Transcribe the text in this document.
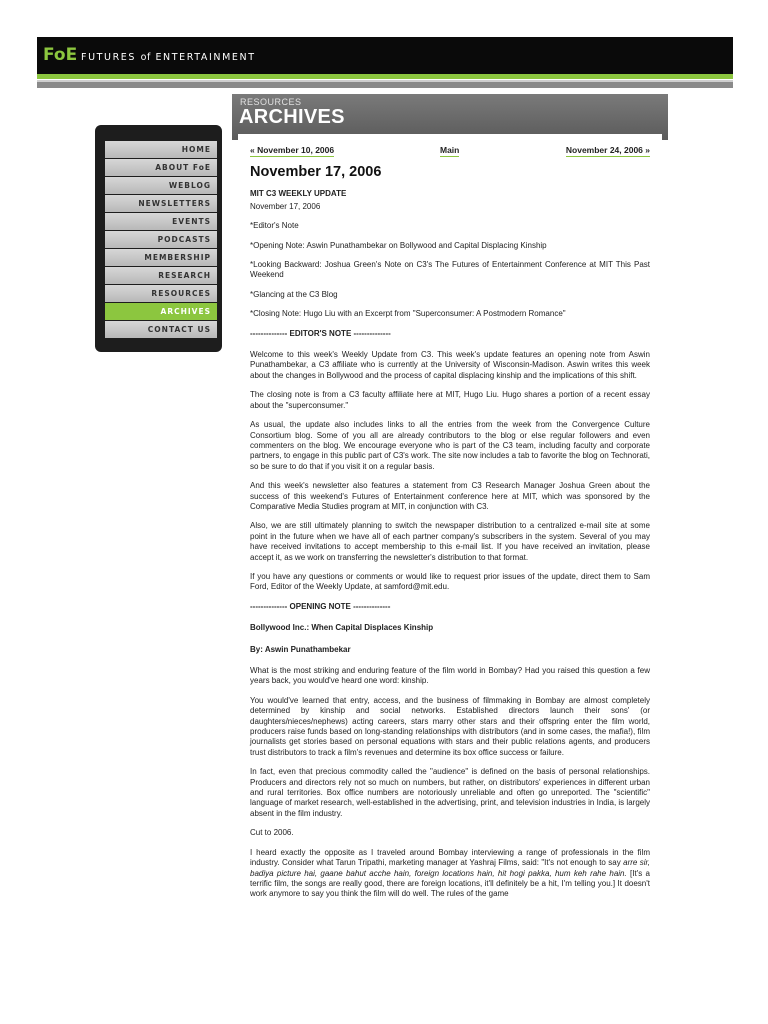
FoE FUTURES of ENTERTAINMENT
HOME
ABOUT FoE
WEBLOG
NEWSLETTERS
EVENTS
PODCASTS
MEMBERSHIP
RESEARCH
RESOURCES
ARCHIVES
CONTACT US
RESOURCES
ARCHIVES
« November 10, 2006	Main	November 24, 2006 »
November 17, 2006
MIT C3 WEEKLY UPDATE
November 17, 2006
*Editor's Note
*Opening Note: Aswin Punathambekar on Bollywood and Capital Displacing Kinship
*Looking Backward: Joshua Green's Note on C3's The Futures of Entertainment Conference at MIT This Past Weekend
*Glancing at the C3 Blog
*Closing Note: Hugo Liu with an Excerpt from "Superconsumer: A Postmodern Romance"
-------------- EDITOR'S NOTE --------------
Welcome to this week's Weekly Update from C3. This week's update features an opening note from Aswin Punathambekar, a C3 affiliate who is currently at the University of Wisconsin-Madison. Aswin writes this week about the changes in Bollywood and the process of capital displacing kinship and the implications of this shift.
The closing note is from a C3 faculty affiliate here at MIT, Hugo Liu. Hugo shares a portion of a recent essay about the "superconsumer."
As usual, the update also includes links to all the entries from the week from the Convergence Culture Consortium blog. Some of you all are already contributors to the blog or else regular followers and even commenters on the blog. We encourage everyone who is part of the C3 team, including faculty and corporate partners, to engage in this public part of C3's work. The site now includes a tab to favorite the blog on Technorati, so be sure to do that if you visit it on a regular basis.
And this week's newsletter also features a statement from C3 Research Manager Joshua Green about the success of this weekend's Futures of Entertainment conference here at MIT, which was sponsored by the Comparative Media Studies program at MIT, in conjunction with C3.
Also, we are still ultimately planning to switch the newspaper distribution to a centralized e-mail site at some point in the future when we have all of each partner company's subscribers in the system. Several of you may have received invitations to accept membership to this e-mail list. If you have received an invitation, please accept it, as we work on transferring the newsletter's distribution to that format.
If you have any questions or comments or would like to request prior issues of the update, direct them to Sam Ford, Editor of the Weekly Update, at samford@mit.edu.
-------------- OPENING NOTE --------------
Bollywood Inc.: When Capital Displaces Kinship
By: Aswin Punathambekar
What is the most striking and enduring feature of the film world in Bombay? Had you raised this question a few years back, you would've heard one word: kinship.
You would've learned that entry, access, and the business of filmmaking in Bombay are almost completely determined by kinship and social networks. Established directors launch their sons' (or daughters/nieces/nephews) acting careers, stars marry other stars and their offspring enter the film world, producers raise funds based on long-standing relationships with distributors (and in some cases, the mafia!), film journalists get stories based on personal equations with stars and their public relations agents, and producers trust distributors to track a film's revenues and determine its box office success or failure.
In fact, even that precious commodity called the "audience" is defined on the basis of personal relationships. Producers and directors rely not so much on numbers, but rather, on distributors' experiences in different urban and rural territories. Box office numbers are notoriously unreliable and often go unreported. The "scientific" language of market research, well-established in the advertising, print, and television industries in India, is largely absent in the film industry.
Cut to 2006.
I heard exactly the opposite as I traveled around Bombay interviewing a range of professionals in the film industry. Consider what Tarun Tripathi, marketing manager at Yashraj Films, said: "It's not enough to say arre sir, badiya picture hai, gaane bahut acche hain, foreign locations hain, hit hogi pakka, hum keh rahe hain. [It's a terrific film, the songs are really good, there are foreign locations, it'll definitely be a hit, I'm telling you.] It doesn't work anymore to say you think the film will do well. The rules of the game
